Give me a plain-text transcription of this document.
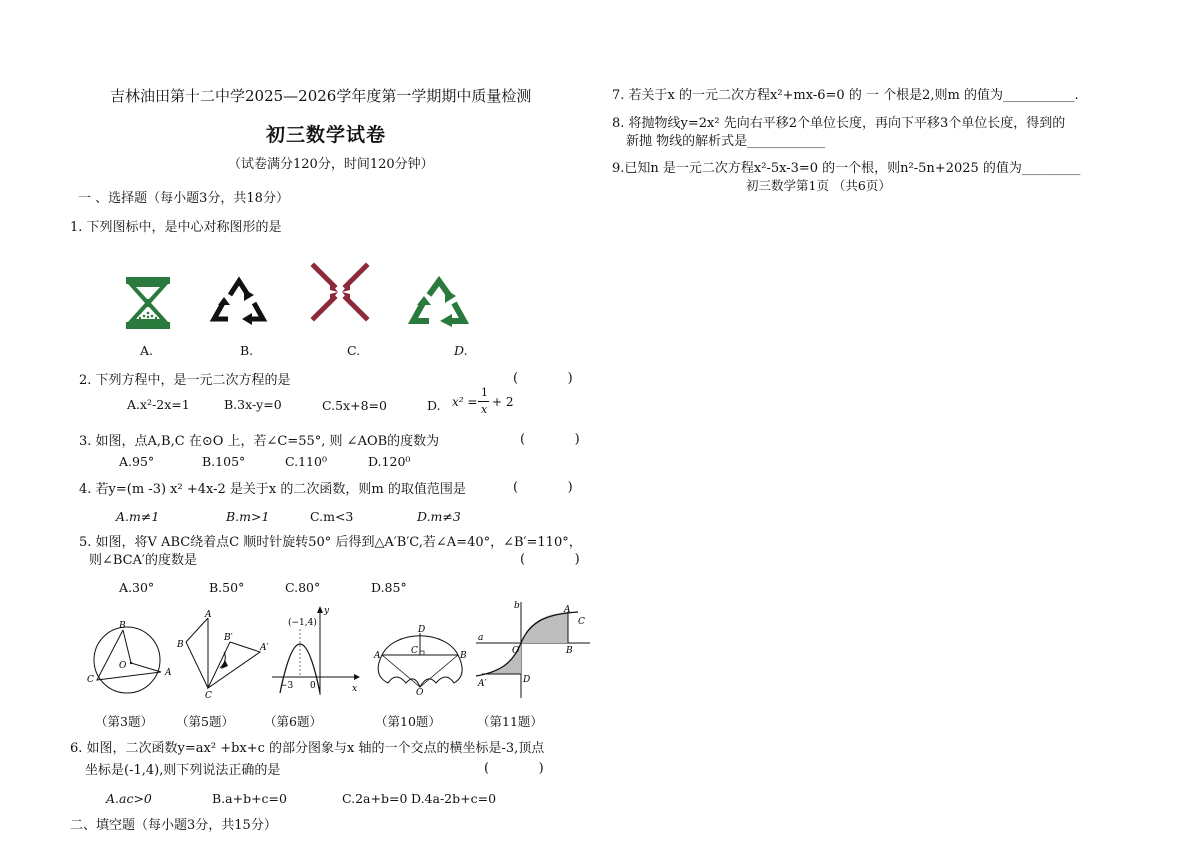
吉林油田第十二中学2025—2026学年度第一学期期中质量检测
初三数学试卷
（试卷满分120分，时间120分钟）
一 、选择题（每小题3分，共18分）
1. 下列图标中，是中心对称图形的是
A.	B.	C.	D.
2. 下列方程中，是一元二次方程的是	(            )
A.x²-2x=1	B.3x-y=0	C.5x+8=0	D. x² =
1
x
+ 2
3. 如图，点A,B,C 在⊙O 上，若∠C=55°, 则 ∠AOB的度数为	(            )
A.95°	B.105°	C.110⁰	D.120⁰
4. 若y=(m -3) x² +4x-2 是关于x 的二次函数，则m 的取值范围是	(            )
A.m≠1	B.m>1	C.m<3	D.m≠3
5. 如图，将V ABC绕着点C 顺时针旋转50° 后得到△A′B′C,若∠A=40°，∠B′=110°，
则∠BCA′的度数是	(            )
A.30°	B.50°	C.80°	D.85°
B
O
A
C
A
B
B′
A′
C
y
x
(−1,4)
−3 0
D
C
A	B
O
b
a
A
C
O	B
A′	D
（第3题） （第5题） （第6题）	（第10题）	（第11题）
6. 如图，二次函数y=ax² +bx+c 的部分图象与x 轴的一个交点的横坐标是-3,顶点
坐标是(-1,4),则下列说法正确的是	(            )
A.ac>0	B.a+b+c=0	C.2a+b=0 D.4a-2b+c=0
二、填空题（每小题3分，共15分）
7. 若关于x 的一元二次方程x²+mx-6=0 的 一 个根是2,则m 的值为___________.
8. 将抛物线y=2x² 先向右平移2个单位长度，再向下平移3个单位长度，得到的
新抛 物线的解析式是____________
9.已知n 是一元二次方程x²-5x-3=0 的一个根，则n²-5n+2025 的值为_________
初三数学第1页 （共6页）
